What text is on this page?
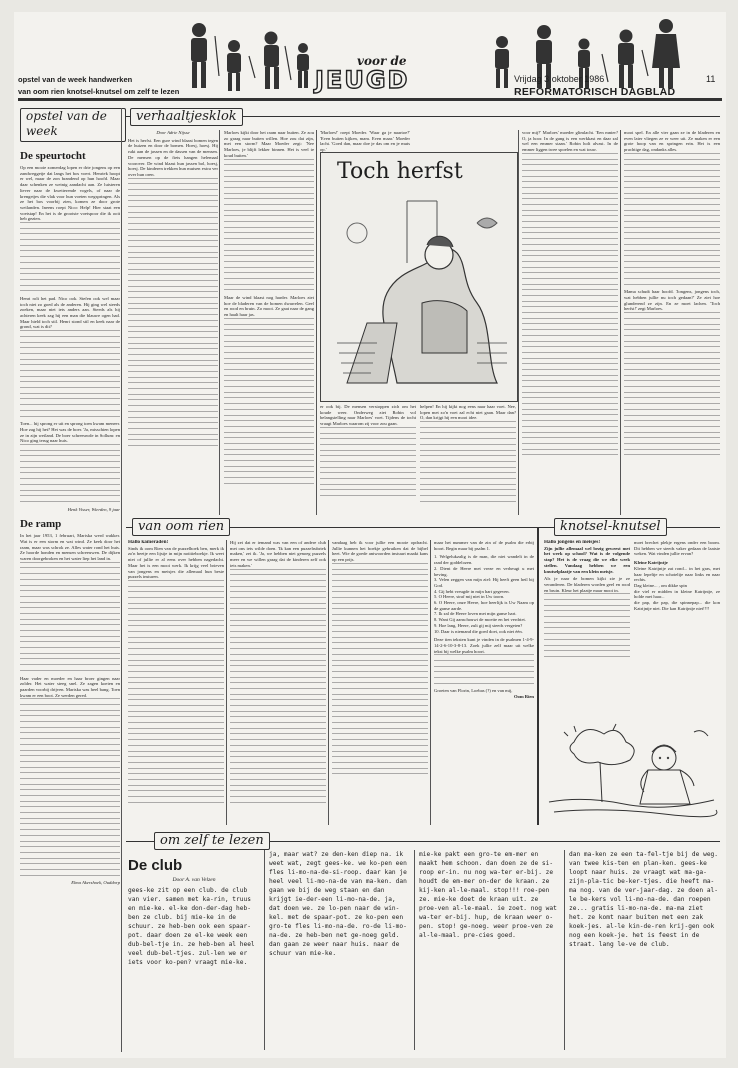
voor de
JEUGD
opstel van de week handwerken
van oom rien knotsel-knutsel om zelf te lezen
Vrijdag 3 oktober 1986	11
REFORMATORISCH DAGBLAD
opstel van de week
De speurtocht
Op een mooie zomerdag lopen er drie jongens op een zandweggetje dat langs het bos voert. Henriek hoopt er wel, maar de zon brandend op hun hoofd. Maar daar schenken ze weinig aandacht aan. Ze luisteren liever naar de kwetterende vogels, of naar de krengetjes die vlak voor hun voeten wegspringen. Als ze het bos voorbij zien, komen ze door grote weilanden. Ineens roept Nico: Help! Hier staat een voetstap! En het is de grootste voetspoor die ik ooit heb gezien.
Henri rolt het pad. Nico ook. Stefen ook wel maar toch niet zo goed als de anderen. Hij ging wel steeds zoeken, maar niet iets anders aan. Steeds als hij achteren keek zag hij een man die blauwe ogen had. Maar hield toch stil. Henri stond stil en keek naar de grond, wat is dit?
Toen... hij sprong er uit en sprong toen kwam meneer. Hoe zag hij het? Het was de boer. 'Ja, misschien lopen ze in zijn weiland. De boer schreeuwde in Sollum: en Nico ging terug naar huis.
Henk Visser, Wierden, 9 jaar
De ramp
In het jaar 1953, 1 februari, Mariska werd wakker. Wat is er een storm en wat wind. Ze keek door het raam, maar was schrok ze. Alles water rond het huis. Ze hoorde honden en mensen schreeuwen. De dijken waren doorgebroken en het water liep het land in.
Haar vader en moeder en haar broer gingen naar zolder. Het water steeg snel. Ze zagen koeien en paarden voorbij drijven. Mariska was heel bang. Toen kwam er een boot. Ze werden gered.
Elma Akershoek, Ouddorp
verhaaltjesklok
Door Adrie Nijsse
Het is herfst. Een gure wind blaast bomen tegen de huizen en door de bomen. Hoesj, hoesj. Hij rukt aan de jassen en de dassen van de mensen. De mensen op de fiets hangen helemaal voorover. De wind blaast hun jassen bol, hoesj, hoesj. De kinderen trekken hun mutsen extra ver over hun oren.
Marloes kijkt door het raam naar buiten. Ze zou zo graag naar buiten willen. Hoe zou dat zijn, met een storm? Maar Moeder zegt: 'Nee Marloes, je blijft lekker binnen. Het is veel te koud buiten.'
Maar de wind blaast nog harder. Marloes ziet hoe de bladeren van de bomen dwarrelen. Geel en rood en bruin. Zo mooi. Ze gaat naar de gang en haalt haar jas.
'Marloes!' roept Moeder. 'Waar ga je naartoe?' 'Even buiten kijken, mam. Even maar.' Moeder lacht. 'Goed dan, maar doe je das om en je muts op.'
Toch herfst
er ook bij. De mensen verstoppen zich om het koude weer. Onderweg ziet Robin vol belangstelling naar Marloes' voet. Tijdens de tocht vraagt Marloes waarom zij voor zou gaan.
helpen! En hij kijkt nog eens naar haar voet. Nee, lopen met zo'n voet zal echt niet gaan. Maar dan? O, dan krijgt hij een mooi idee.
voor mij?' Marloes' moeder glimlacht. 'Een mnier? O, ja hoor. In de gang is een werkkast en daar zal wel een emmer staan.' Robin holt alvast. In de emmer liggen twee spoelen en wat touw.
mooi spel. En alle vier gaan ze in de bladeren en even later vliegen ze er weer uit. Ze maken er een grote hoop van en springen erin. Het is een prachtige dag, ondanks alles.
Mama schudt haar hoofd. 'Jongens, jongens toch, wat hebben jullie nu toch gedaan?' Ze ziet hoe glunderend ze zijn. En ze moet lachen. 'Toch herfst!' zegt Marloes.
van oom rien	knotsel-knutsel
Hallo kameraden!
Sinds ik oom Rien van de puzzelhoek ben, merk ik zo'n beetje een lijstje in mijn notitieboekje. Ik weet niet of jullie er al eens over hebben nagedacht. Maar het is een mooi werk. Ik krijg veel brieven van jongens en meisjes die allemaal hun beste puzzels insturen.
Hij zei dat er iemand was van een of andere club met ons iets wilde doen. 'Ik kan een puzzelrubriek maken,' zei ik. 'Ja, we hebben niet genoeg puzzels meer en we willen graag dat de kinderen zelf ook iets maken.'
vandaag heb ik voor jullie een mooie opdracht. Jullie kunnen het boekje gebruiken dat de bijbel heet. Wie de goede antwoorden instuurt maakt kans op een prijs.
maar het nummer van de zin of de psalm die erbij hoort. Begin maar bij psalm 1.
1. Welgelukzalig is de man, die niet wandelt in de raad der goddelozen.
2. Dient de Heere met vreze en verheugt u met beving.
3. Velen zeggen van mijn ziel: Hij heeft geen heil bij God.
4. Gij hebt vreugde in mijn hart gegeven.
5. O Heere, straf mij niet in Uw toorn.
6. O Heere, onze Heere, hoe heerlijk is Uw Naam op de ganse aarde.
7. Ik zal de Heere loven met mijn ganse hart.
8. Want Gij aanschouwt de moeite en het verdriet.
9. Hoe lang, Heere, zult gij mij steeds vergeten?
10. Daar is niemand die goed doet, ook niet één.
Deze tien teksten kunt je vinden in de psalmen 1-4-9-14-2-6-10-3-8-13. Zoek jullie zelf maar uit welke tekst bij welke psalm hoort.
Groeten van Florin, Loebas (?) en van mij,
Oom Rien
Hallo jongens en meisjes!
Zijn jullie allemaal wel bezig geweest met het werk op school? Wat is de volgende stap? Het is de vraag die we elke week stellen. Vandaag hebben we een knutselplaatje van een klein meisje.
Als je naar de bomen kijkt zie je ze veranderen. De bladeren worden geel en rood en bruin. Kleur het plaatje maar mooi in.
moet brechet plekje ergens onder een boom. Dit hebben we steeds vaker gedaan de laatste weken. Wat vinden jullie ervan?
Kleine Katrijntje
Kleine Katrijntje zat rond... in het gras, met haar lepeltje en schoteltje naar links en naar rechts.
Dag kleine... , om dikke spin
die viel er midden in kleine Katrijntje, ze holde met haar...
die pap, die pap, die spinnepap... die kon Katrijntje niet. Die kan Katrijntje niet!!!!
om zelf te lezen
De club
Door A. van Velzen
gees-ke zit op een club. de club van vier. samen met ka-rin, truus en mie-ke. el-ke don-der-dag heb-ben ze club. bij mie-ke in de schuur. ze heb-ben ook een spaar-pot. daar doen ze el-ke week een dub-bel-tje in. ze heb-ben al heel veel dub-bel-tjes. zul-len we er iets voor ko-pen? vraagt mie-ke.
ja, maar wat? ze den-ken diep na. ik weet wat, zegt gees-ke. we ko-pen een fles li-mo-na-de-si-roop. daar kan je heel veel li-mo-na-de van ma-ken. dan gaan we bij de weg staan en dan krijgt ie-der-een li-mo-na-de. ja, dat doen we. ze lo-pen naar de win-kel. met de spaar-pot. ze ko-pen een gro-te fles li-mo-na-de. ro-de li-mo-na-de. ze heb-ben net ge-noeg geld. dan gaan ze weer naar huis. naar de schuur van mie-ke.
mie-ke pakt een gro-te em-mer en maakt hem schoon. dan doen ze de si-roop er-in. nu nog wa-ter er-bij. ze houdt de em-mer on-der de kraan. ze kij-ken al-le-maal. stop!!! roe-pen ze. mie-ke doet de kraan uit. ze proe-ven al-le-maal. ie zoet. nog wat wa-ter er-bij. hup, de kraan weer o-pen. stop! ge-noeg. weer proe-ven ze al-le-maal. pre-cies goed.
dan ma-ken ze een ta-fel-tje bij de weg. van twee kis-ten en plan-ken. gees-ke loopt naar huis. ze vraagt wat ma-ga-zijn-pla-tic be-ker-tjes. die heeft ma-ma nog. van de ver-jaar-dag. ze doen al-le be-kers vol li-mo-na-de. dan roepen ze... gratis li-mo-na-de. ma-ma ziet het. ze komt naar buiten met een zak koek-jes. al-le kin-de-ren krij-gen ook nog een koek-je. het is feest in de straat. lang le-ve de club.
